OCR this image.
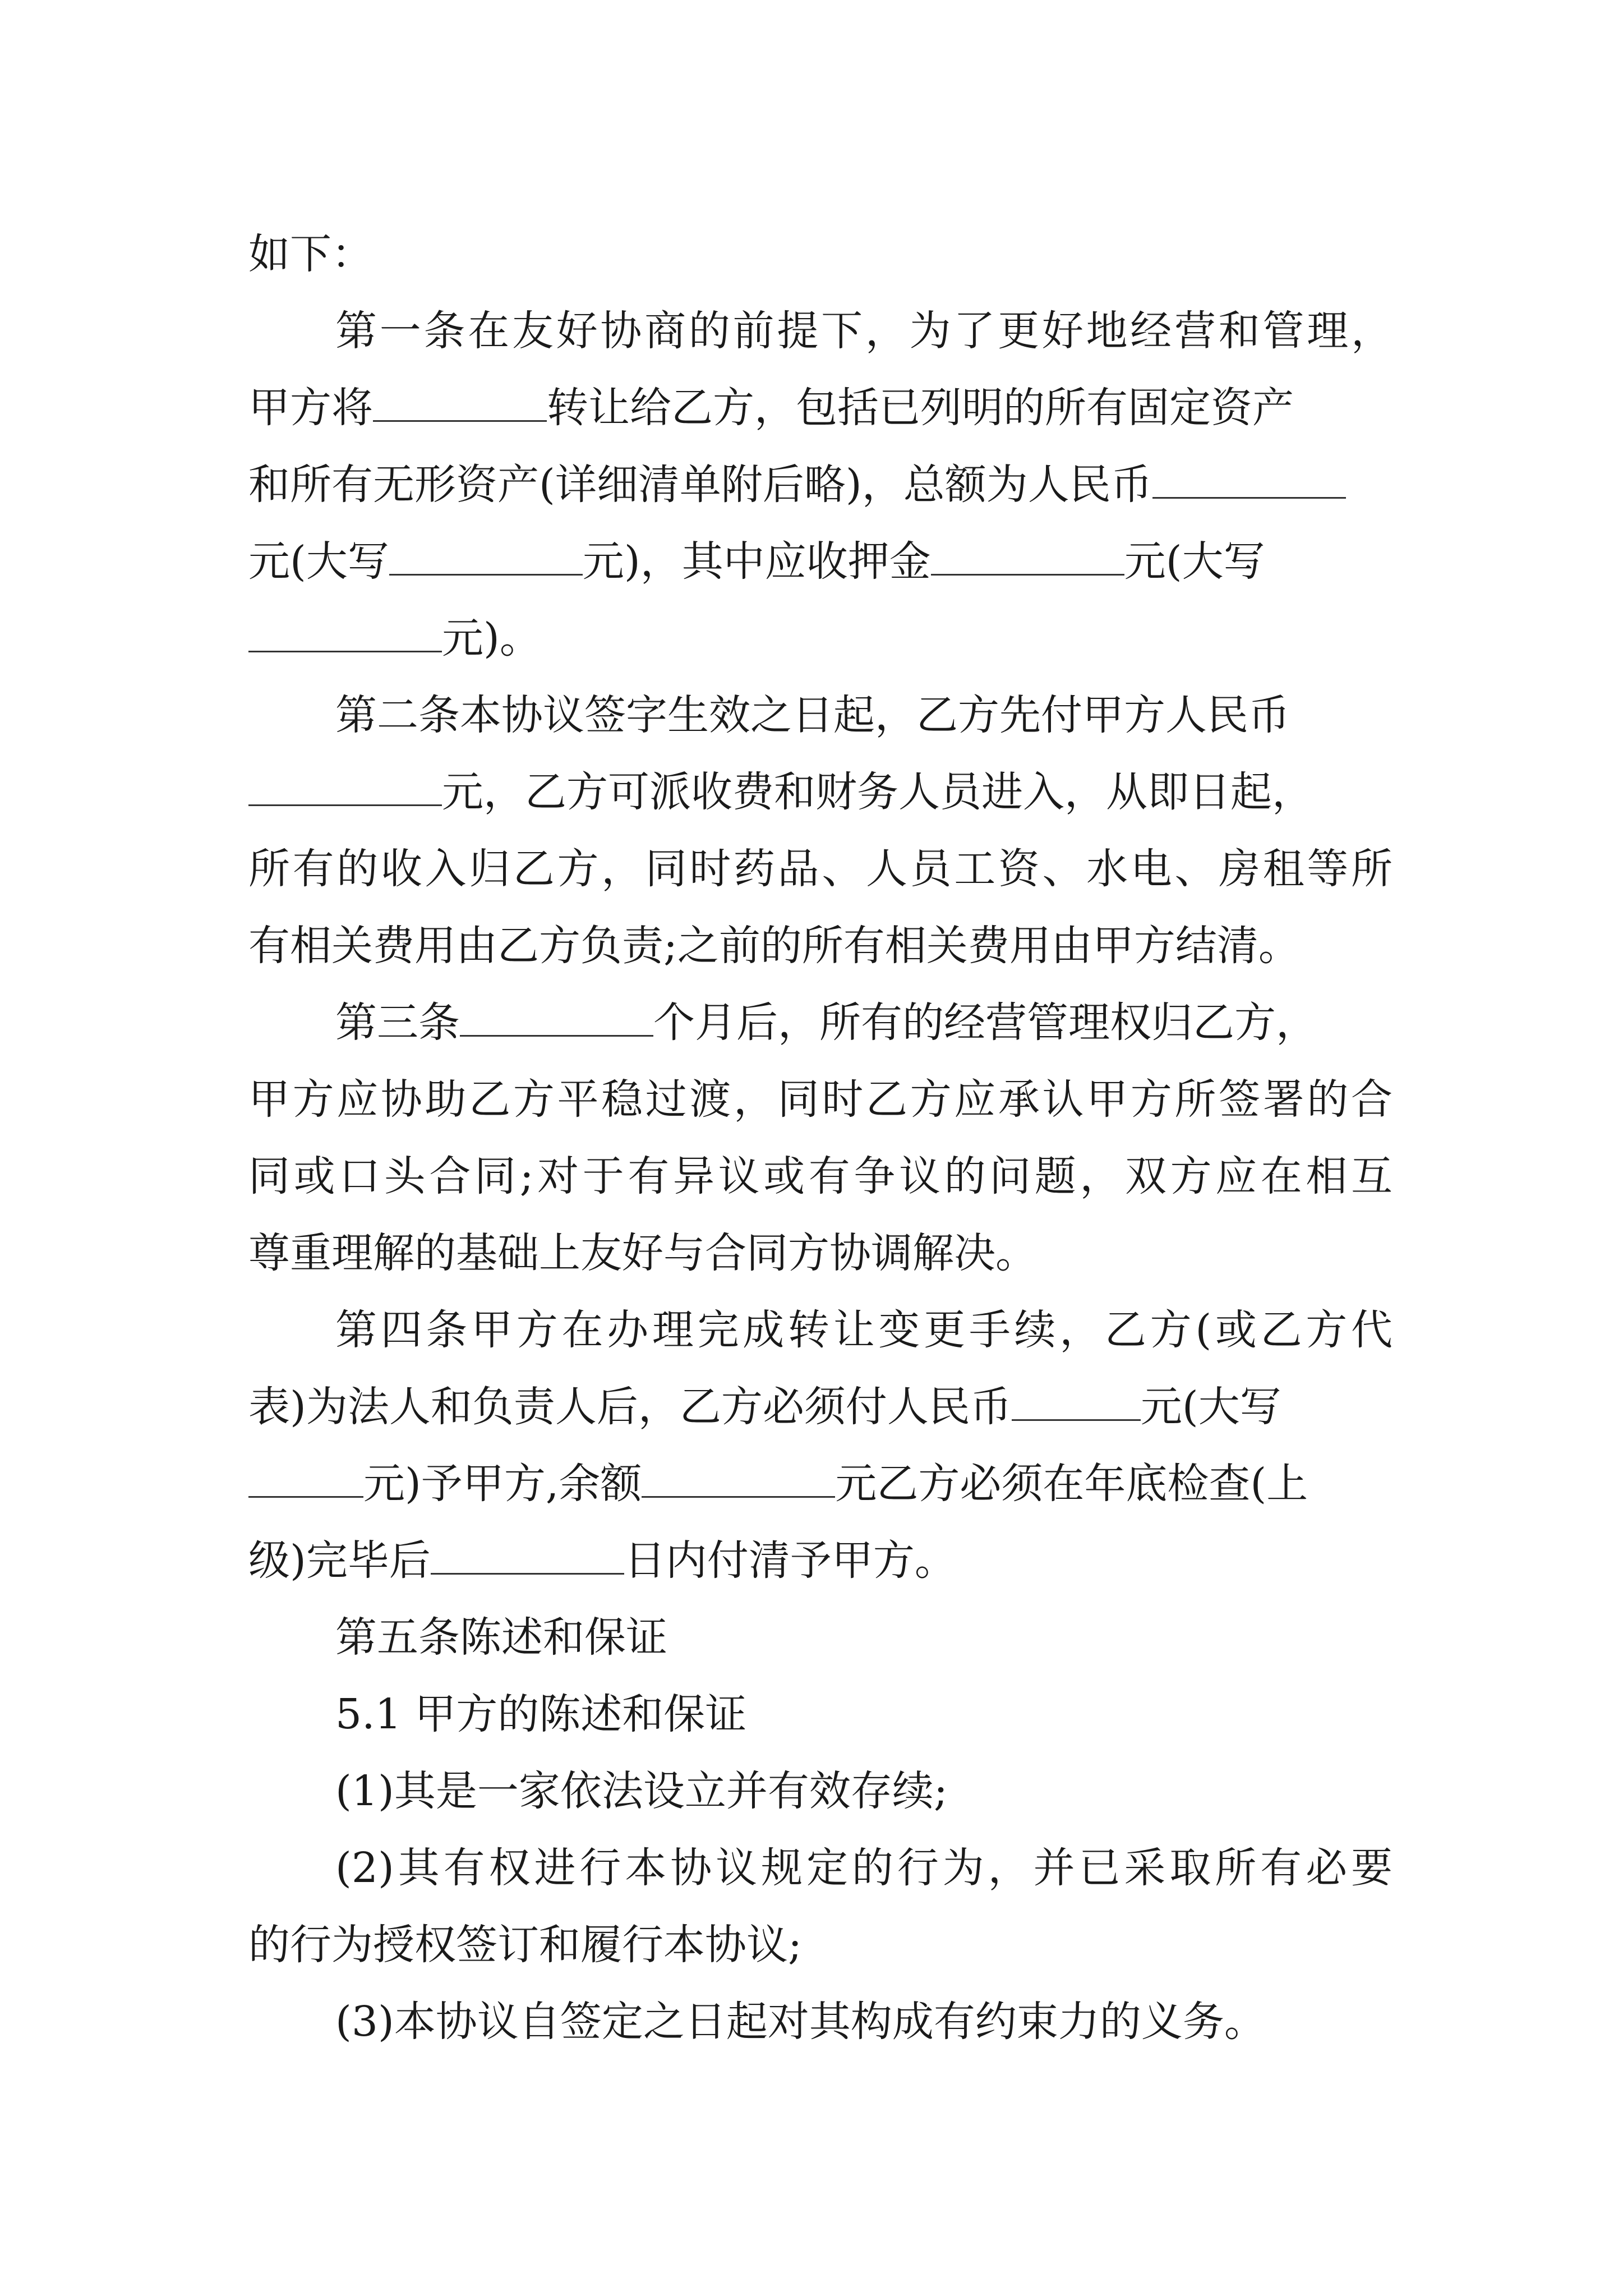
如下：
第一条在友好协商的前提下，为了更好地经营和管理，
甲方将	转让给乙方，包括已列明的所有固定资产
和所有无形资产(详细清单附后略)，总额为人民币
元(大写	元)，其中应收押金	元(大写
元)。
第二条本协议签字生效之日起，乙方先付甲方人民币
元，乙方可派收费和财务人员进入，从即日起，
所有的收入归乙方，同时药品、人员工资、水电、房租等所
有相关费用由乙方负责;之前的所有相关费用由甲方结清。
第三条	个月后，所有的经营管理权归乙方，
甲方应协助乙方平稳过渡，同时乙方应承认甲方所签署的合
同或口头合同;对于有异议或有争议的问题，双方应在相互
尊重理解的基础上友好与合同方协调解决。
第四条甲方在办理完成转让变更手续，乙方(或乙方代
表)为法人和负责人后，乙方必须付人民币	元(大写
元)予甲方,余额	元乙方必须在年底检查(上
级)完毕后	日内付清予甲方。
第五条陈述和保证
5.1 甲方的陈述和保证
(1)其是一家依法设立并有效存续;
(2)其有权进行本协议规定的行为，并已采取所有必要
的行为授权签订和履行本协议;
(3)本协议自签定之日起对其构成有约束力的义务。
